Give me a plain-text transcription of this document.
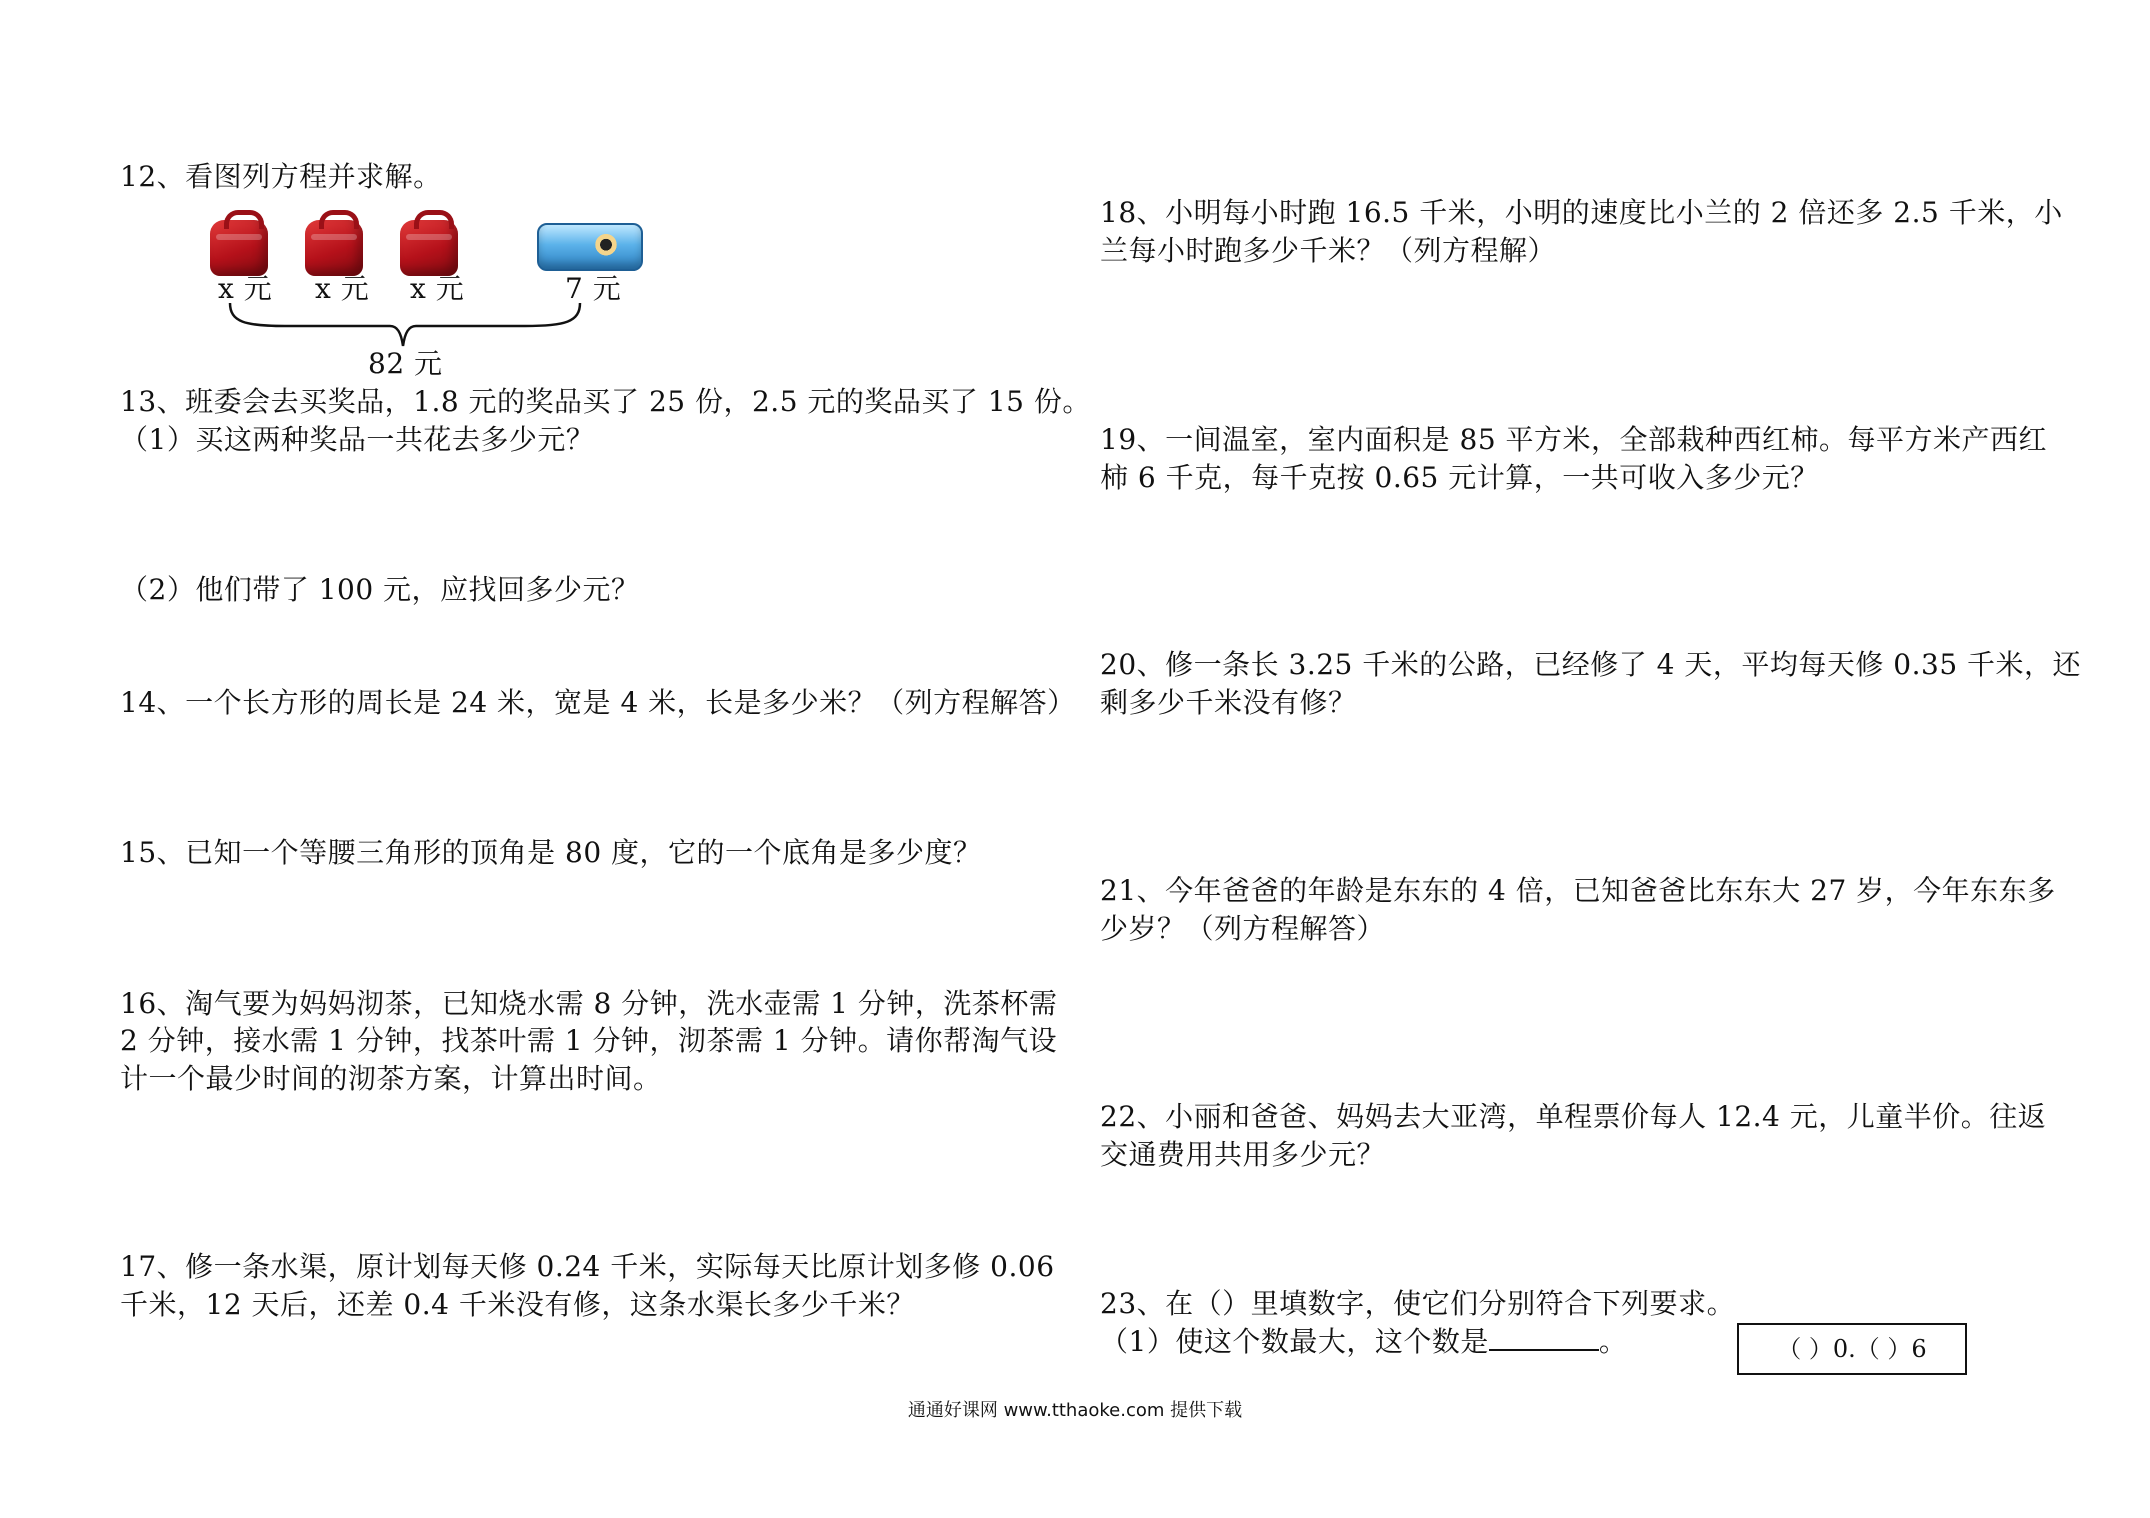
12、看图列方程并求解。
x 元 x 元 x 元	7 元
82 元
13、班委会去买奖品，1.8 元的奖品买了 25 份，2.5 元的奖品买了 15 份。
（1）买这两种奖品一共花去多少元？
（2）他们带了 100 元，应找回多少元？
14、一个长方形的周长是 24 米，宽是 4 米，长是多少米？（列方程解答）
15、已知一个等腰三角形的顶角是 80 度，它的一个底角是多少度？
16、淘气要为妈妈沏茶，已知烧水需 8 分钟，洗水壶需 1 分钟，洗茶杯需
2 分钟，接水需 1 分钟，找茶叶需 1 分钟，沏茶需 1 分钟。请你帮淘气设
计一个最少时间的沏茶方案，计算出时间。
17、修一条水渠，原计划每天修 0.24 千米，实际每天比原计划多修 0.06
千米，12 天后，还差 0.4 千米没有修，这条水渠长多少千米？
18、小明每小时跑 16.5 千米，小明的速度比小兰的 2 倍还多 2.5 千米，小
兰每小时跑多少千米？（列方程解）
19、一间温室，室内面积是 85 平方米，全部栽种西红柿。每平方米产西红
柿 6 千克，每千克按 0.65 元计算，一共可收入多少元？
20、修一条长 3.25 千米的公路，已经修了 4 天，平均每天修 0.35 千米，还
剩多少千米没有修？
21、今年爸爸的年龄是东东的 4 倍，已知爸爸比东东大 27 岁，今年东东多
少岁？（列方程解答）
22、小丽和爸爸、妈妈去大亚湾，单程票价每人 12.4 元，儿童半价。往返
交通费用共用多少元？
23、在（）里填数字，使它们分别符合下列要求。
（1）使这个数最大，这个数是	。	（ ）0.（ ）6
通通好课网 www.tthaoke.com 提供下载
